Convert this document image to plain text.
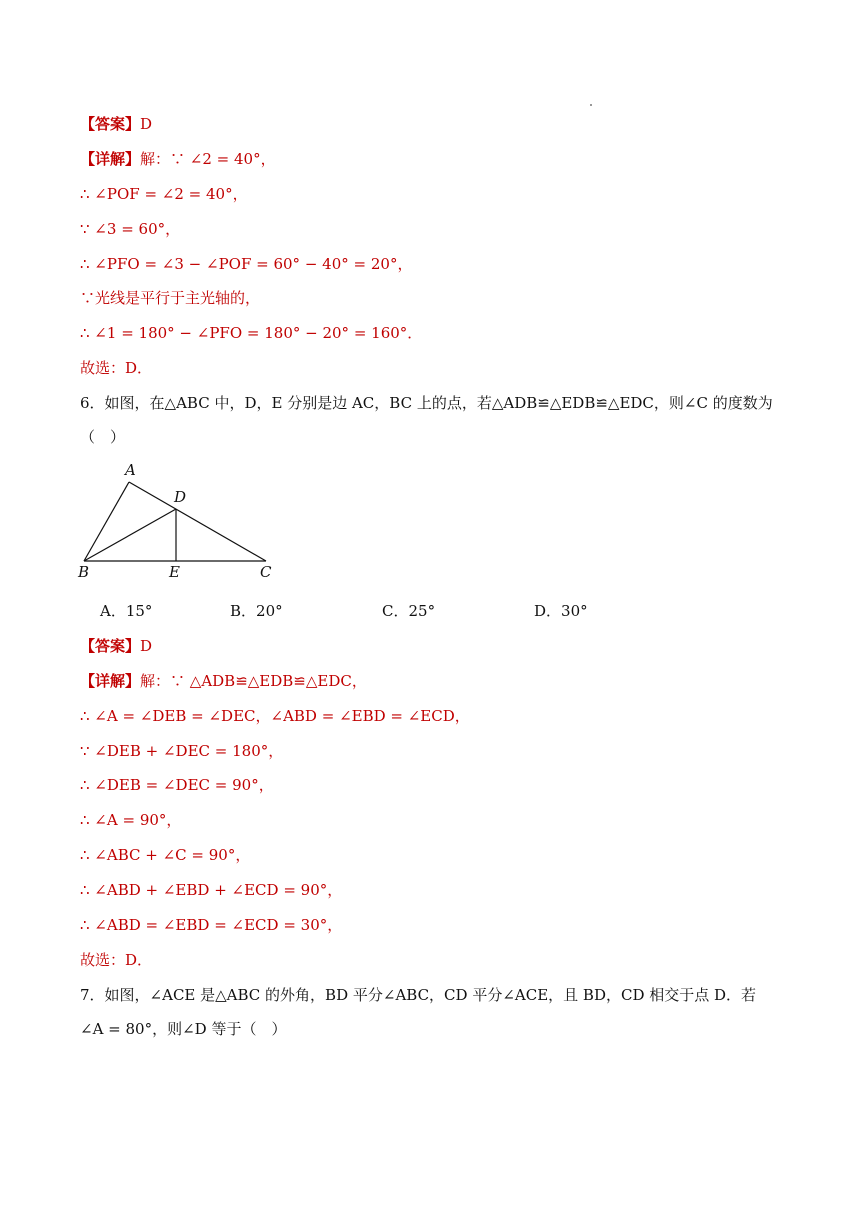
【答案】D
【详解】解：∵ ∠2 = 40°，
∴ ∠POF = ∠2 = 40°，
∵ ∠3 = 60°，
∴ ∠PFO = ∠3 − ∠POF = 60° − 40° = 20°，
∵光线是平行于主光轴的，
∴ ∠1 = 180° − ∠PFO = 180° − 20° = 160°．
故选：D．
6．如图，在△ABC 中，D，E 分别是边 AC，BC 上的点，若△ADB≌△EDB≌△EDC，则∠C 的度数为
（　）
A
D
B	E	C
A．15°	B．20°	C．25°	D．30°
【答案】D
【详解】解：∵ △ADB≌△EDB≌△EDC，
∴ ∠A = ∠DEB = ∠DEC，∠ABD = ∠EBD = ∠ECD，
∵ ∠DEB + ∠DEC = 180°，
∴ ∠DEB = ∠DEC = 90°，
∴ ∠A = 90°，
∴ ∠ABC + ∠C = 90°，
∴ ∠ABD + ∠EBD + ∠ECD = 90°，
∴ ∠ABD = ∠EBD = ∠ECD = 30°，
故选：D．
7．如图，∠ACE 是△ABC 的外角，BD 平分∠ABC，CD 平分∠ACE，且 BD，CD 相交于点 D．若
∠A = 80°，则∠D 等于（　）
